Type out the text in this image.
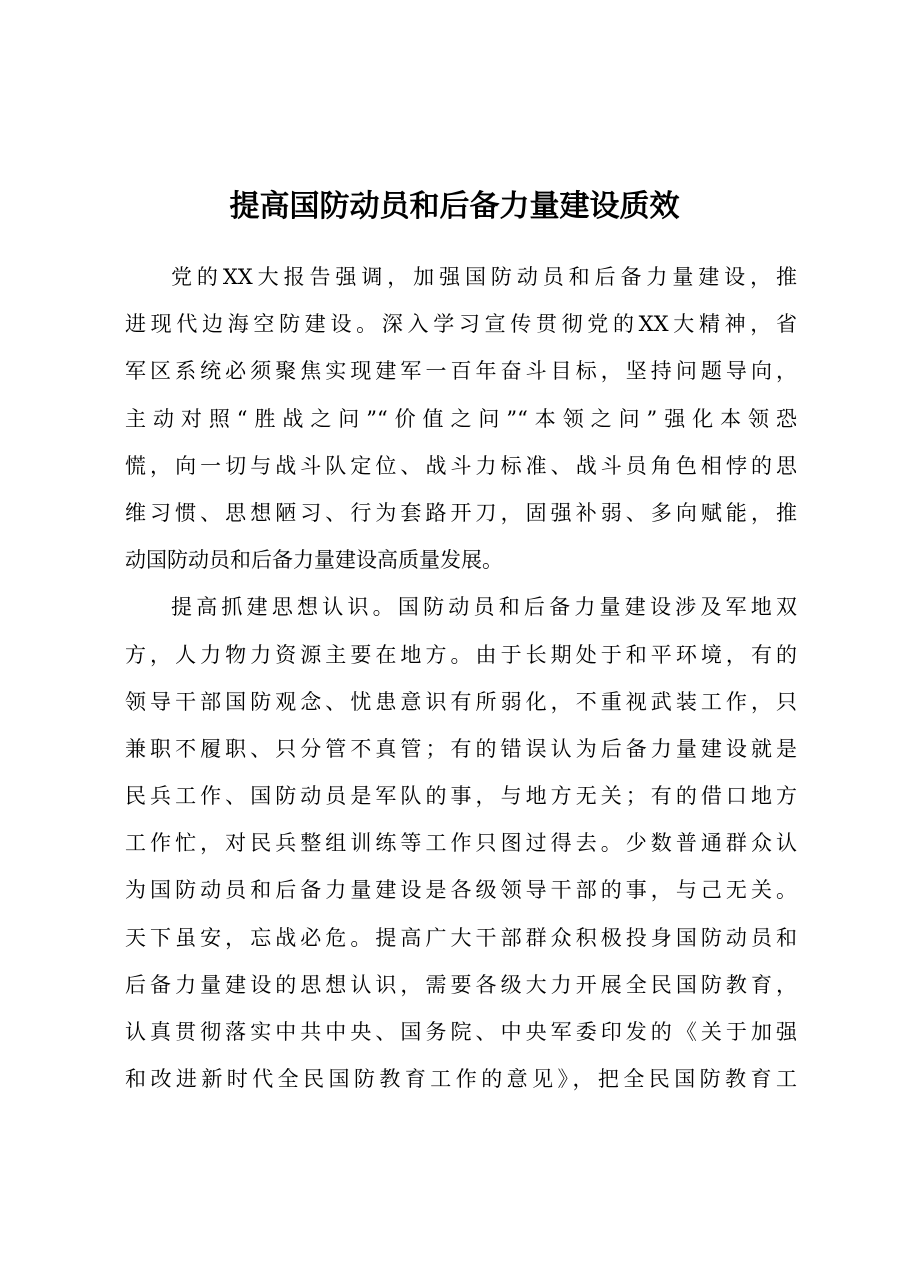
提高国防动员和后备力量建设质效
党的XX大报告强调，加强国防动员和后备力量建设，推
进现代边海空防建设。深入学习宣传贯彻党的XX大精神，省
军区系统必须聚焦实现建军一百年奋斗目标，坚持问题导向，
主动对照“胜战之问”“价值之问”“本领之问”强化本领恐
慌，向一切与战斗队定位、战斗力标准、战斗员角色相悖的思
维习惯、思想陋习、行为套路开刀，固强补弱、多向赋能，推
动国防动员和后备力量建设高质量发展。
提高抓建思想认识。国防动员和后备力量建设涉及军地双
方，人力物力资源主要在地方。由于长期处于和平环境，有的
领导干部国防观念、忧患意识有所弱化，不重视武装工作，只
兼职不履职、只分管不真管；有的错误认为后备力量建设就是
民兵工作、国防动员是军队的事，与地方无关；有的借口地方
工作忙，对民兵整组训练等工作只图过得去。少数普通群众认
为国防动员和后备力量建设是各级领导干部的事，与己无关。
天下虽安，忘战必危。提高广大干部群众积极投身国防动员和
后备力量建设的思想认识，需要各级大力开展全民国防教育，
认真贯彻落实中共中央、国务院、中央军委印发的《关于加强
和改进新时代全民国防教育工作的意见》，把全民国防教育工
